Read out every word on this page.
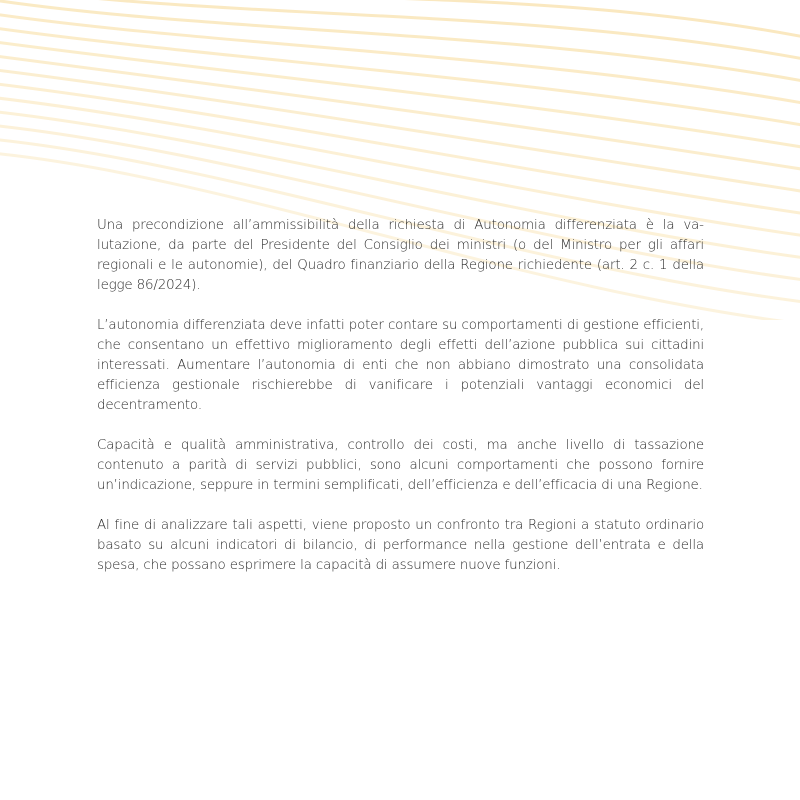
Una precondizione all’ammissibilità della richiesta di Autonomia differenziata è la valutazione, da parte del Presidente del Consiglio dei ministri (o del Ministro per gli affari regionali e le autonomie), del Quadro finanziario della Regione richiedente (art. 2 c. 1 della legge 86/2024).

L’autonomia differenziata deve infatti poter contare su comportamenti di gestione efficienti, che consentano un effettivo miglioramento degli effetti dell’azione pubblica sui cittadini interessati. Aumentare l’autonomia di enti che non abbiano dimostrato una consolidata efficienza gestionale rischierebbe di vanificare i potenziali vantaggi economici del decentramento.

Capacità e qualità amministrativa, controllo dei costi, ma anche livello di tassazione contenuto a parità di servizi pubblici, sono alcuni comportamenti che possono fornire un’indicazione, seppure in termini semplificati, dell’efficienza e dell’efficacia di una Regione.

Al fine di analizzare tali aspetti, viene proposto un confronto tra Regioni a statuto ordinario basato su alcuni indicatori di bilancio, di performance nella gestione dell’entrata e della spesa, che possano esprimere la capacità di assumere nuove funzioni.
